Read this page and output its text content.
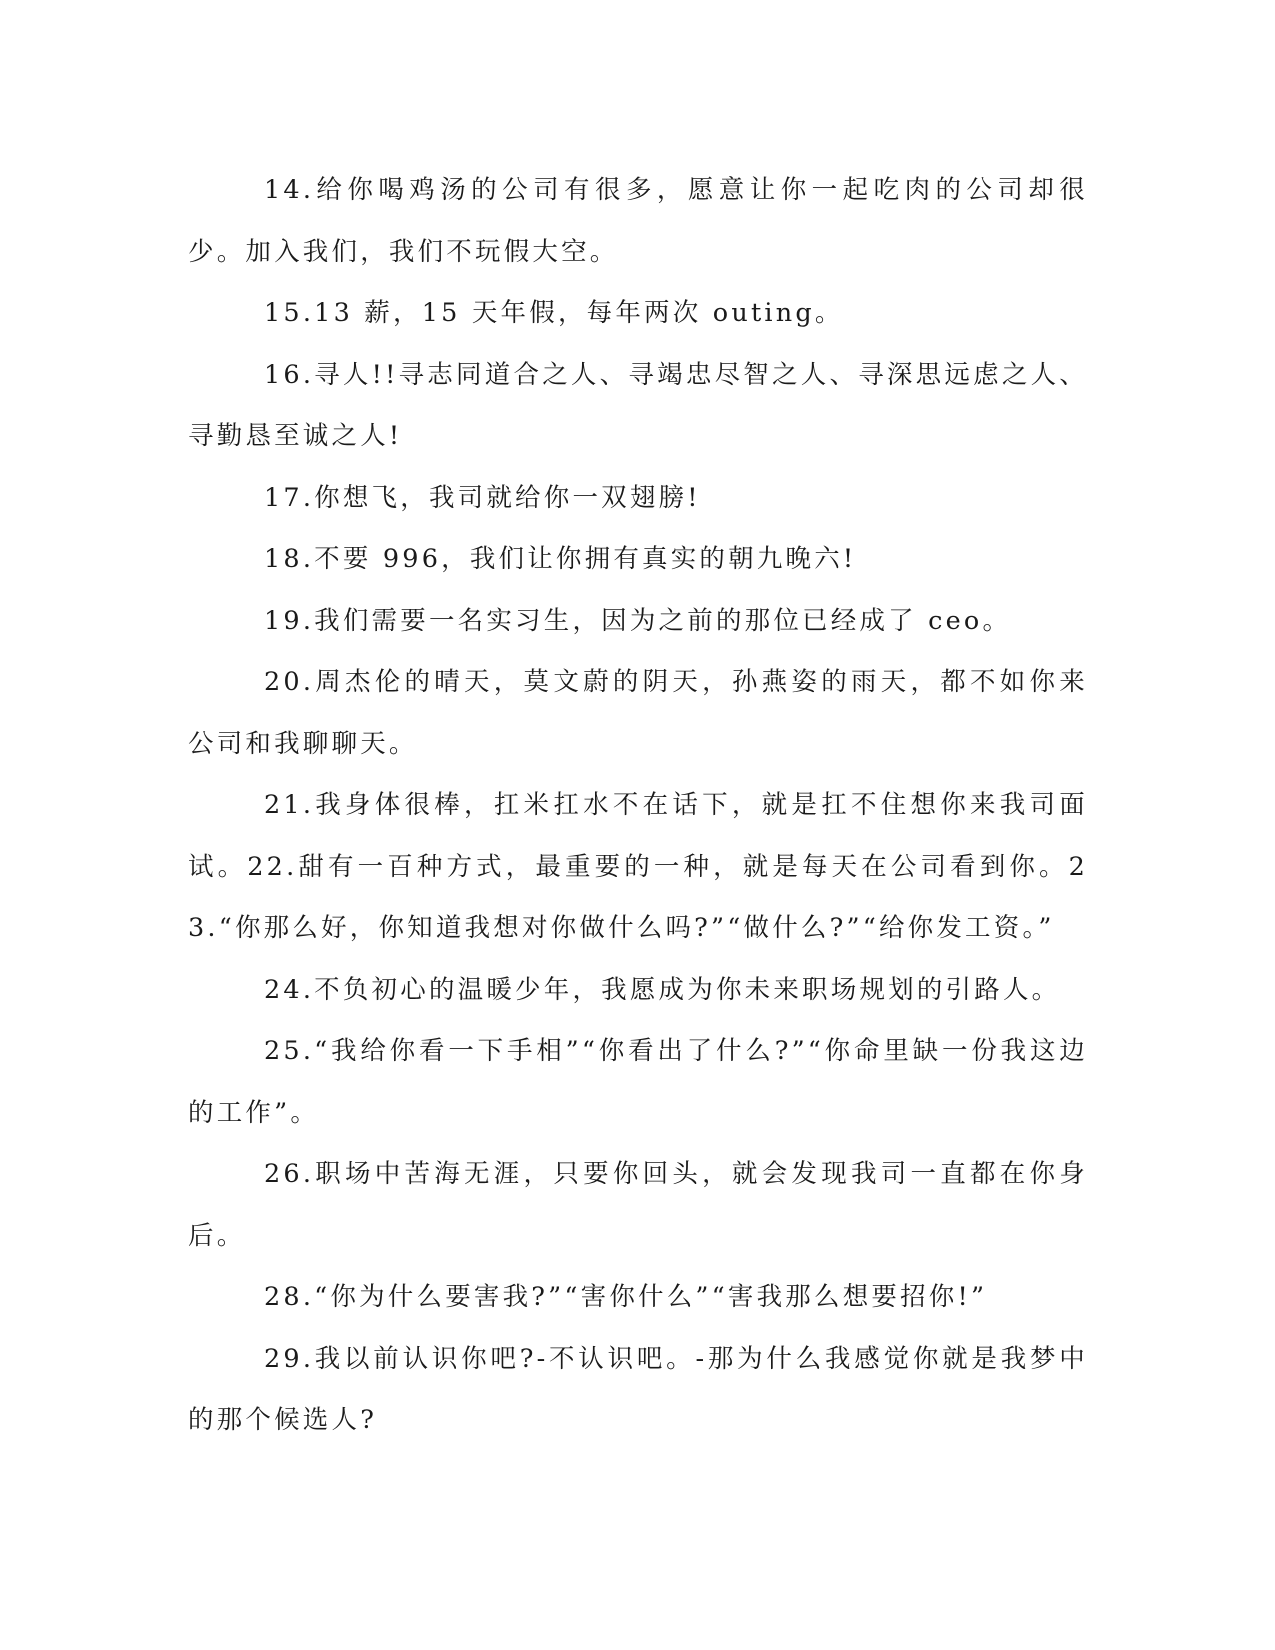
14.给你喝鸡汤的公司有很多，愿意让你一起吃肉的公司却很少。加入我们，我们不玩假大空。

15.13 薪，15 天年假，每年两次 outing。

16.寻人!!寻志同道合之人、寻竭忠尽智之人、寻深思远虑之人、寻勤恳至诚之人!

17.你想飞，我司就给你一双翅膀!

18.不要 996，我们让你拥有真实的朝九晚六!

19.我们需要一名实习生，因为之前的那位已经成了 ceo。

20.周杰伦的晴天，莫文蔚的阴天，孙燕姿的雨天，都不如你来公司和我聊聊天。

21.我身体很棒，扛米扛水不在话下，就是扛不住想你来我司面试。22.甜有一百种方式，最重要的一种，就是每天在公司看到你。23.“你那么好，你知道我想对你做什么吗?”“做什么?”“给你发工资。”

24.不负初心的温暖少年，我愿成为你未来职场规划的引路人。

25.“我给你看一下手相”“你看出了什么?”“你命里缺一份我这边的工作”。

26.职场中苦海无涯，只要你回头，就会发现我司一直都在你身后。

28.“你为什么要害我?”“害你什么”“害我那么想要招你!”

29.我以前认识你吧?-不认识吧。-那为什么我感觉你就是我梦中的那个候选人?
